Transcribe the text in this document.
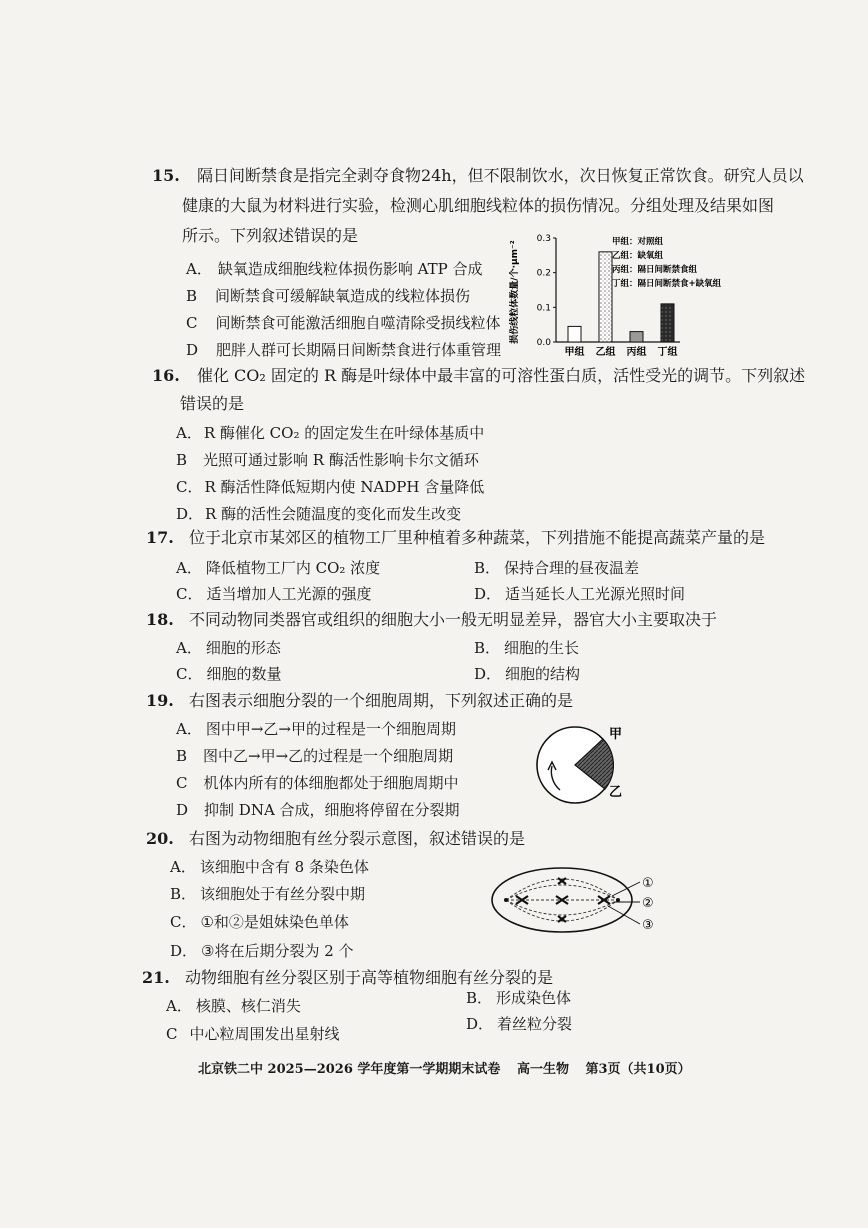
15. 隔日间断禁食是指完全剥夺食物24h，但不限制饮水，次日恢复正常饮食。研究人员以
健康的大鼠为材料进行实验，检测心肌细胞线粒体的损伤情况。分组处理及结果如图
所示。下列叙述错误的是
A． 缺氧造成细胞线粒体损伤影响 ATP 合成
B 间断禁食可缓解缺氧造成的线粒体损伤
C 间断禁食可能激活细胞自噬清除受损线粒体
D 肥胖人群可长期隔日间断禁食进行体重管理
损伤线粒体数量/个·μm⁻² 0.0
0.1
0.2
0.3
甲组 乙组 丙组 丁组
甲组：对照组
乙组：缺氧组
丙组：隔日间断禁食组
丁组：隔日间断禁食+缺氧组
16. 催化 CO₂ 固定的 R 酶是叶绿体中最丰富的可溶性蛋白质，活性受光的调节。下列叙述
错误的是
A． R 酶催化 CO₂ 的固定发生在叶绿体基质中
B 光照可通过影响 R 酶活性影响卡尔文循环
C． R 酶活性降低短期内使 NADPH 含量降低
D． R 酶的活性会随温度的变化而发生改变
17. 位于北京市某郊区的植物工厂里种植着多种蔬菜，下列措施不能提高蔬菜产量的是
A． 降低植物工厂内 CO₂ 浓度	B． 保持合理的昼夜温差
C． 适当增加人工光源的强度	D． 适当延长人工光源光照时间
18. 不同动物同类器官或组织的细胞大小一般无明显差异，器官大小主要取决于
A． 细胞的形态	B． 细胞的生长
C． 细胞的数量	D． 细胞的结构
19. 右图表示细胞分裂的一个细胞周期，下列叙述正确的是
A． 图中甲→乙→甲的过程是一个细胞周期
B 图中乙→甲→乙的过程是一个细胞周期
C 机体内所有的体细胞都处于细胞周期中
D 抑制 DNA 合成，细胞将停留在分裂期
甲
乙
20. 右图为动物细胞有丝分裂示意图，叙述错误的是
A． 该细胞中含有 8 条染色体
B． 该细胞处于有丝分裂中期
C． ①和②是姐妹染色单体
D． ③将在后期分裂为 2 个
①
②
③
21. 动物细胞有丝分裂区别于高等植物细胞有丝分裂的是
A． 核膜、核仁消失	B． 形成染色体
C 中心粒周围发出星射线
D． 着丝粒分裂
北京铁二中 2025—2026 学年度第一学期期末试卷 高一生物 第3页（共10页）
